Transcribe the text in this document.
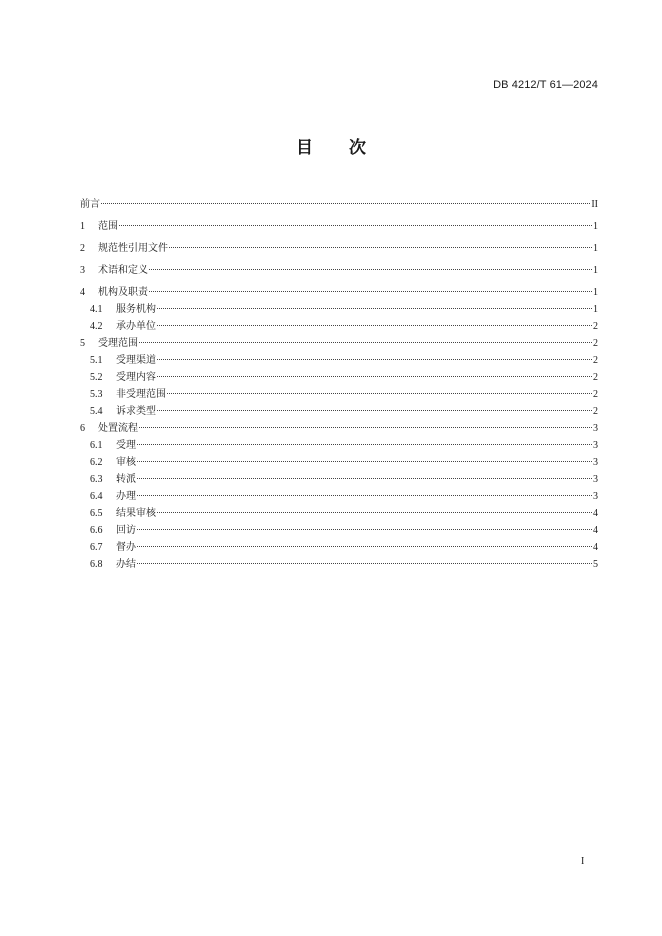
DB 4212/T 61—2024
目 次
前言	II
1	范围	1
2	规范性引用文件	1
3	术语和定义	1
4	机构及职责	1
4.1	服务机构	1
4.2	承办单位	2
5	受理范围	2
5.1	受理渠道	2
5.2	受理内容	2
5.3	非受理范围	2
5.4	诉求类型	2
6	处置流程	3
6.1	受理	3
6.2	审核	3
6.3	转派	3
6.4	办理	3
6.5	结果审核	4
6.6	回访	4
6.7	督办	4
6.8	办结	5
I
